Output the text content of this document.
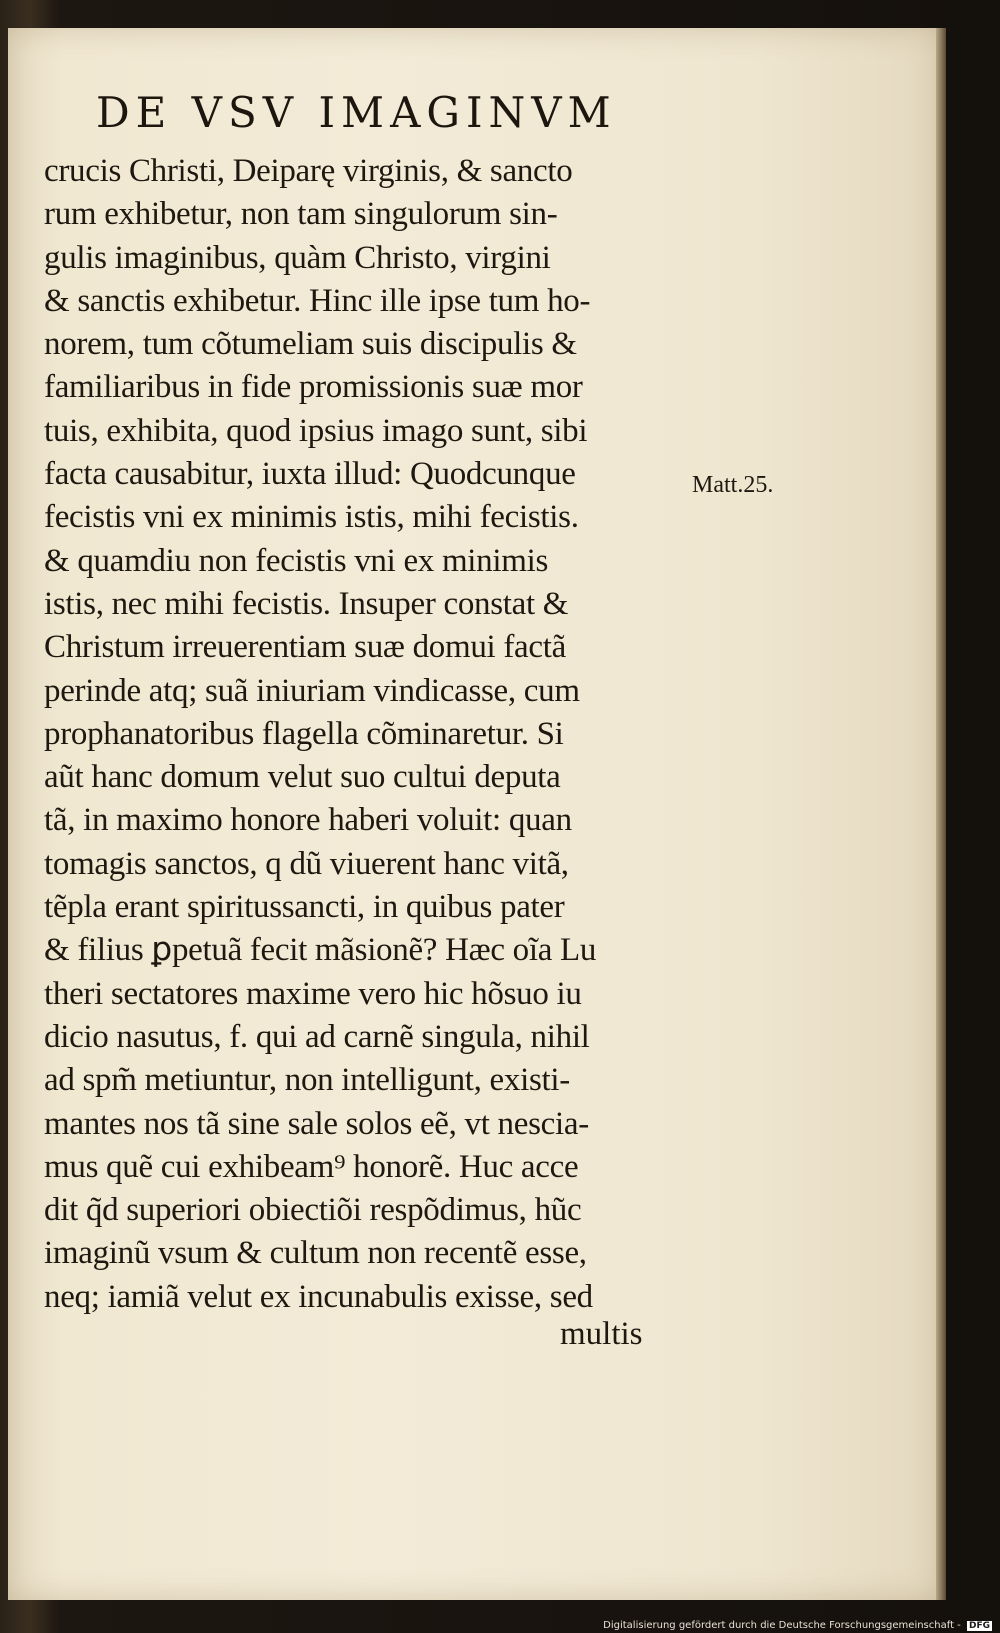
DE VSV IMAGINVM
crucis Christi, Deiparę virginis, & sancto
rum exhibetur, non tam singulorum sin-
gulis imaginibus, quàm Christo, virgini
& sanctis exhibetur. Hinc ille ipse tum ho-
norem, tum cõtumeliam suis discipulis &
familiaribus in fide promissionis suæ mor
tuis, exhibita, quod ipsius imago sunt, sibi
facta causabitur, iuxta illud: Quodcunque
fecistis vni ex minimis istis, mihi fecistis.
& quamdiu non fecistis vni ex minimis
istis, nec mihi fecistis. Insuper constat &
Christum irreuerentiam suæ domui factã
perinde atq; suã iniuriam vindicasse, cum
prophanatoribus flagella cõminaretur. Si
aũt hanc domum velut suo cultui deputa
tã, in maximo honore haberi voluit: quan
tomagis sanctos, q dũ viuerent hanc vitã,
tẽpla erant spiritussancti, in quibus pater
& filius ꝑpetuã fecit mãsionẽ? Hæc oĩa Lu
theri sectatores maxime vero hic hõsuo iu
dicio nasutus, f. qui ad carnẽ singula, nihil
ad spm̃ metiuntur, non intelligunt, existi-
mantes nos tã sine sale solos eẽ, vt nescia-
mus quẽ cui exhibeam⁹ honorẽ. Huc acce
dit q̃d superiori obiectiõi respõdimus, hũc
imaginũ vsum & cultum non recentẽ esse,
neq; iamiã velut ex incunabulis exisse, sed
Matt.25.
multis
Digitalisierung gefördert durch die Deutsche Forschungsgemeinschaft - DFG
